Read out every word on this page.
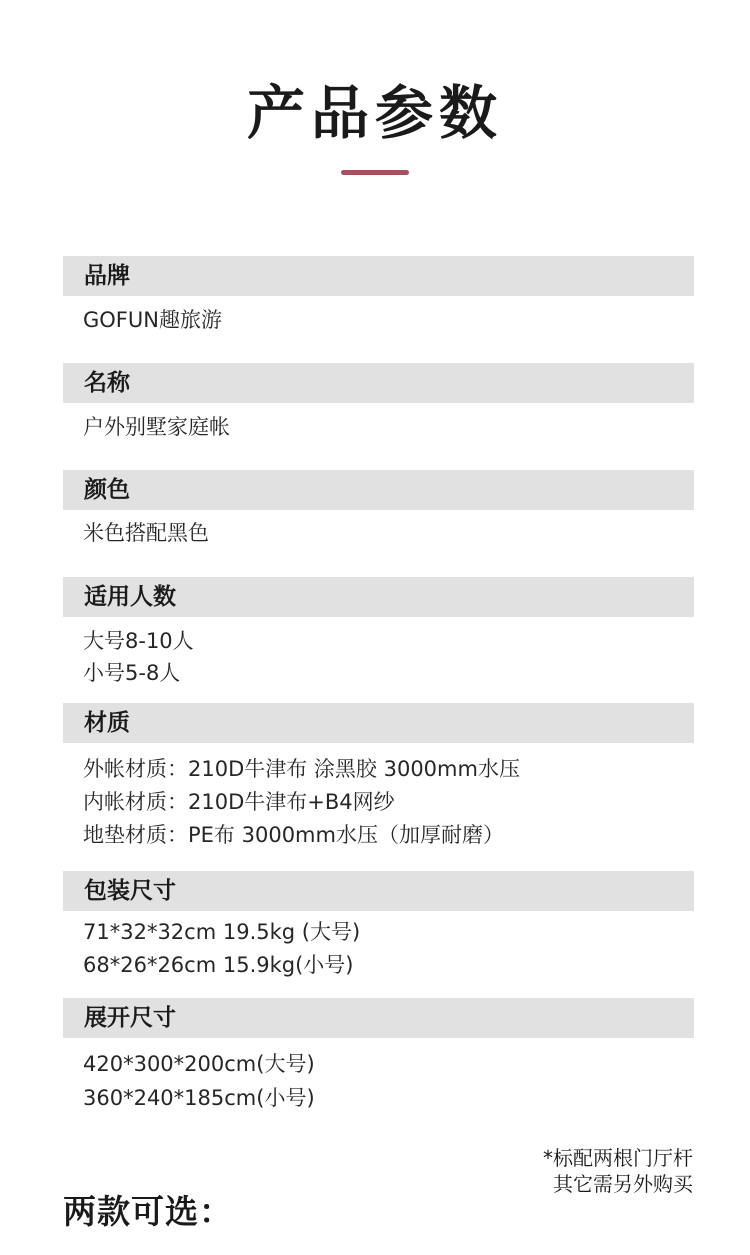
产品参数
品牌
GOFUN趣旅游
名称
户外别墅家庭帐
颜色
米色搭配黑色
适用人数
大号8-10人
小号5-8人
材质
外帐材质：210D牛津布 涂黑胶 3000mm水压
内帐材质：210D牛津布+B4网纱
地垫材质：PE布 3000mm水压（加厚耐磨）
包装尺寸
71*32*32cm 19.5kg (大号)
68*26*26cm 15.9kg(小号)
展开尺寸
420*300*200cm(大号)
360*240*185cm(小号)
*标配两根门厅杆
其它需另外购买
两款可选：
